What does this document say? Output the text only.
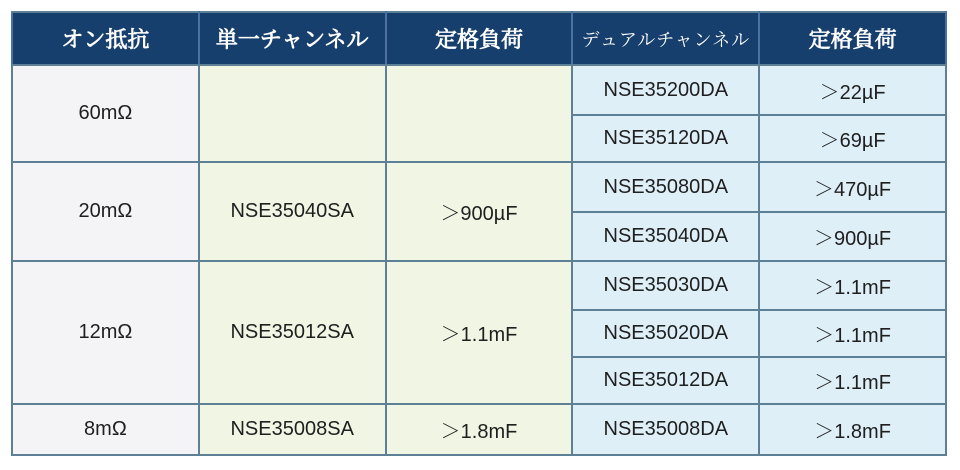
オン抵抗	単一チャンネル	定格負荷	デュアルチャンネル	定格負荷
60mΩ			NSE35200DA	＞22µF
			NSE35120DA	＞69µF
20mΩ	NSE35040SA	＞900µF	NSE35080DA	＞470µF
			NSE35040DA	＞900µF
12mΩ	NSE35012SA	＞1.1mF	NSE35030DA	＞1.1mF
			NSE35020DA	＞1.1mF
			NSE35012DA	＞1.1mF
8mΩ	NSE35008SA	＞1.8mF	NSE35008DA	＞1.8mF
